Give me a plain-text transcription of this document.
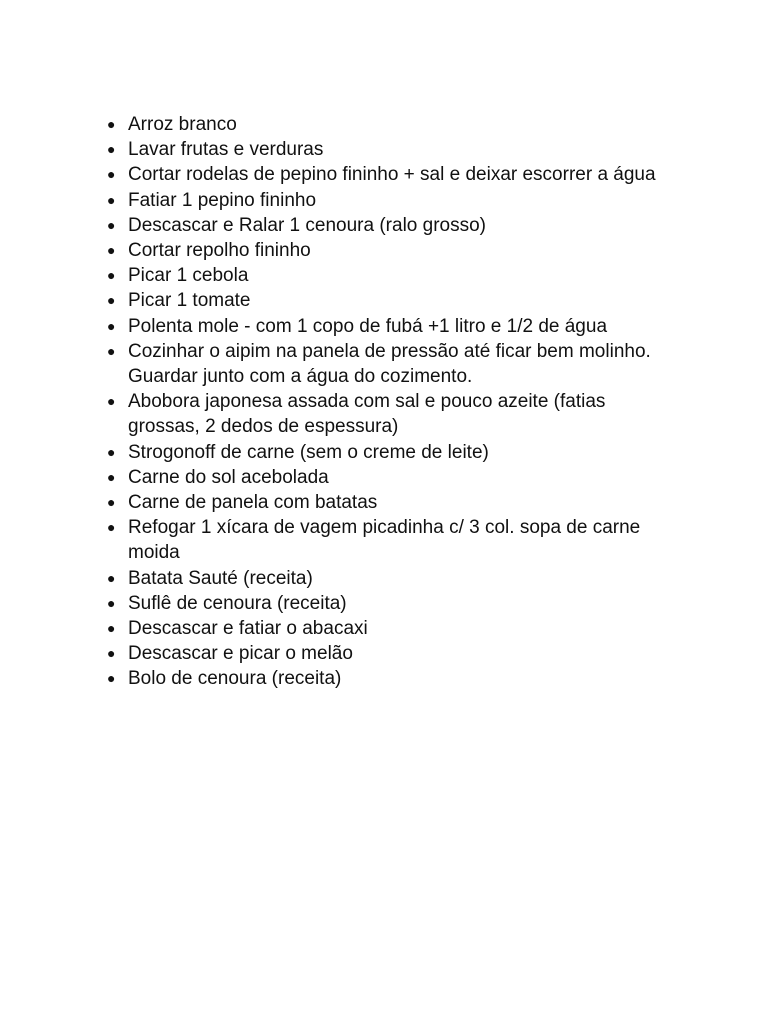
● Arroz branco
● Lavar frutas e verduras
● Cortar rodelas de pepino fininho + sal e deixar escorrer a água
● Fatiar 1 pepino fininho
● Descascar e Ralar 1 cenoura (ralo grosso)
● Cortar repolho fininho
● Picar 1 cebola
● Picar 1 tomate
● Polenta mole - com 1 copo de fubá +1 litro e 1/2 de água
● Cozinhar o aipim na panela de pressão até ficar bem molinho. Guardar junto com a água do cozimento.
● Abobora japonesa assada com sal e pouco azeite (fatias grossas, 2 dedos de espessura)
● Strogonoff de carne (sem o creme de leite)
● Carne do sol acebolada
● Carne de panela com batatas
● Refogar 1 xícara de vagem picadinha c/ 3 col. sopa de carne moida
● Batata Sauté (receita)
● Suflê de cenoura (receita)
● Descascar e fatiar o abacaxi
● Descascar e picar o melão
● Bolo de cenoura (receita)
